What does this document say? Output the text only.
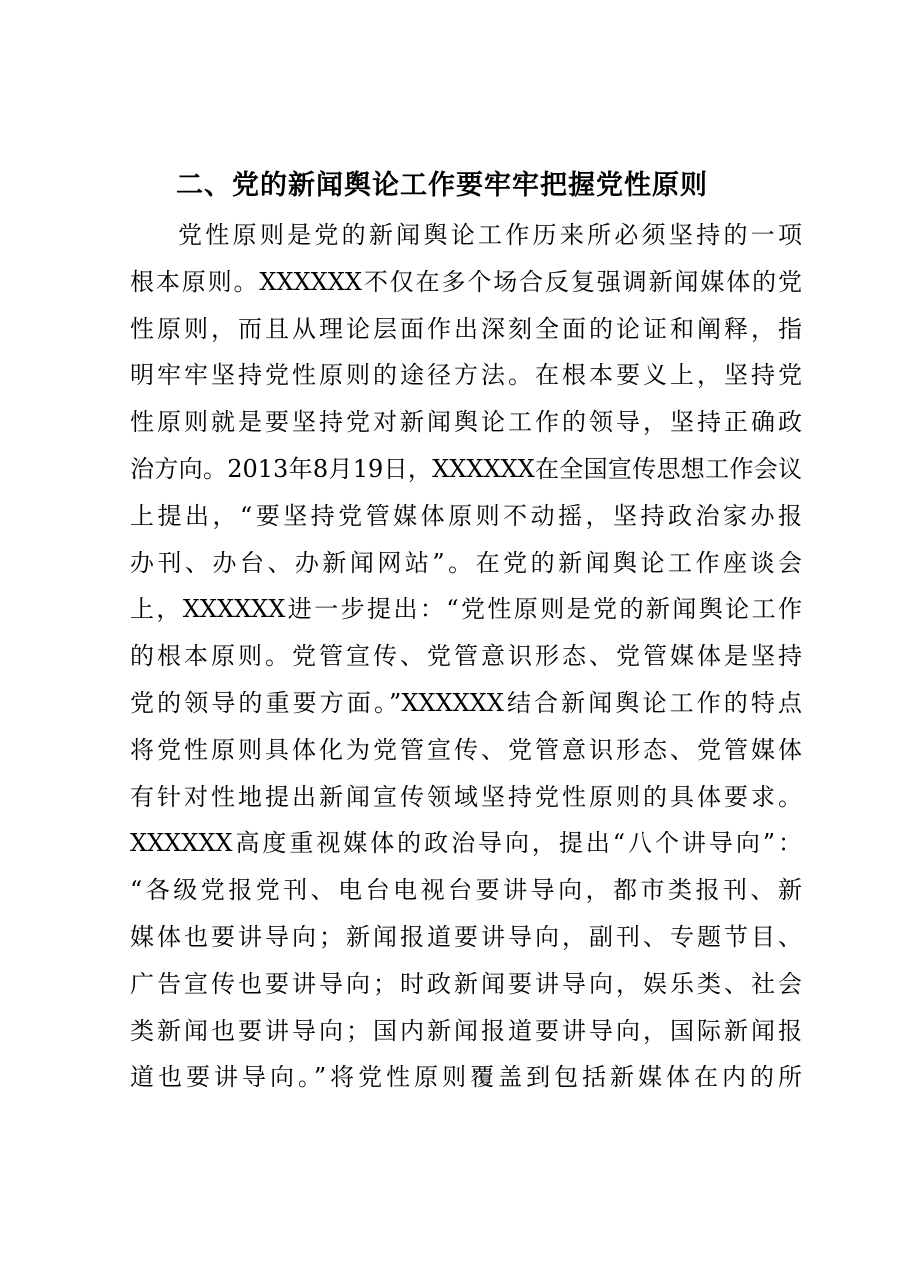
二、党的新闻舆论工作要牢牢把握党性原则
党性原则是党的新闻舆论工作历来所必须坚持的一项
根本原则。XXXXXX不仅在多个场合反复强调新闻媒体的党
性原则，而且从理论层面作出深刻全面的论证和阐释，指
明牢牢坚持党性原则的途径方法。在根本要义上，坚持党
性原则就是要坚持党对新闻舆论工作的领导，坚持正确政
治方向。2013年8月19日，XXXXXX在全国宣传思想工作会议
上提出，“要坚持党管媒体原则不动摇，坚持政治家办报
办刊、办台、办新闻网站”。在党的新闻舆论工作座谈会
上，XXXXXX进一步提出：“党性原则是党的新闻舆论工作
的根本原则。党管宣传、党管意识形态、党管媒体是坚持
党的领导的重要方面。”XXXXXX结合新闻舆论工作的特点
将党性原则具体化为党管宣传、党管意识形态、党管媒体
有针对性地提出新闻宣传领域坚持党性原则的具体要求。
XXXXXX高度重视媒体的政治导向，提出“八个讲导向”：
“各级党报党刊、电台电视台要讲导向，都市类报刊、新
媒体也要讲导向；新闻报道要讲导向，副刊、专题节目、
广告宣传也要讲导向；时政新闻要讲导向，娱乐类、社会
类新闻也要讲导向；国内新闻报道要讲导向，国际新闻报
道也要讲导向。”将党性原则覆盖到包括新媒体在内的所
